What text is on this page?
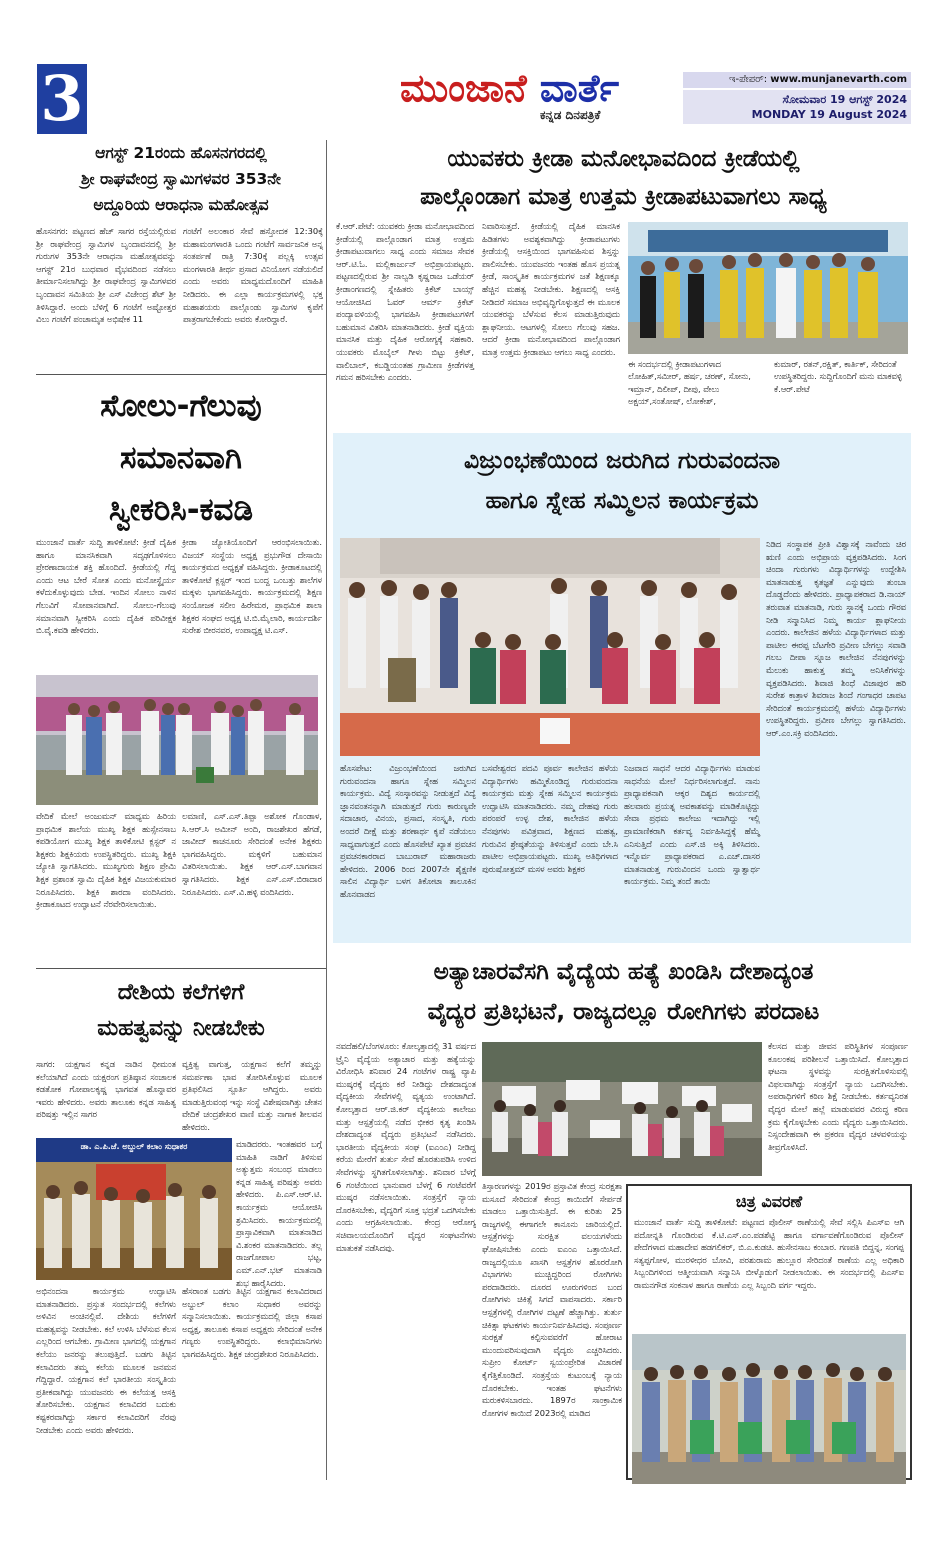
3	ಮುಂಜಾನೆ ವಾರ್ತೆ
ಕನ್ನಡ ದಿನಪತ್ರಿಕೆ
ಇ-ಪೇಪರ್: www.munjanevarth.com
ಸೋಮವಾರ 19 ಆಗಸ್ಟ್ 2024
MONDAY 19 August 2024
ಆಗಸ್ಟ್ 21ರಂದು ಹೊಸನಗರದಲ್ಲಿ
ಶ್ರೀ ರಾಘವೇಂದ್ರ ಸ್ವಾಮಿಗಳವರ 353ನೇ
ಅದ್ದೂರಿಯ ಆರಾಧನಾ ಮಹೋತ್ಸವ
ಹೊಸನಗರ: ಪಟ್ಟಣದ ಹೆಚ್ ಸಾಗರ ರಸ್ತೆಯಲ್ಲಿರುವ ಶ್ರೀ ರಾಘವೇಂದ್ರ ಸ್ವಾಮಿಗಳ ಬೃಂದಾವನದಲ್ಲಿ ಶ್ರೀ ಗುರುಗಳ 353ನೇ ಆರಾಧನಾ ಮಹೋತ್ಸವವನ್ನು ಆಗಸ್ಟ್ 21ರ ಬುಧವಾರ ವೈಭವದಿಂದ ನಡೆಸಲು ತೀರ್ಮಾನಿಸಲಾಗಿದ್ದು ಶ್ರೀ ರಾಘವೇಂದ್ರ ಸ್ವಾಮಿಗಳವರ ಬೃಂದಾವನ ಸಮಿತಿಯ ಶ್ರೀ ಎಸ್ ವಿಜೇಂದ್ರ ಶೆಟ್ ಶ್ರೀ ತಿಳಿಸಿದ್ದಾರೆ. ಅಂದು ಬೆಳಿಗ್ಗೆ 6 ಗಂಟೆಗೆ ಅಷ್ಟೋತ್ತರ ವಿಲು ಗಂಟೆಗೆ ಪಂಚಾಮೃತ ಅಭಿಷೇಕ 11
ಗಂಟೆಗೆ ಅಲಂಕಾರ ಸೇವೆ ಹಸ್ತೋದಕ 12:30ಕ್ಕೆ ಮಹಾಮಂಗಳಾರತಿ ಒಂದು ಗಂಟೆಗೆ ಸಾರ್ವಜನಿಕ ಅನ್ನ ಸಂತರ್ಪಣೆ ರಾತ್ರಿ 7:30ಕ್ಕೆ ಪಲ್ಲಕ್ಕಿ ಉತ್ಸವ ಮಂಗಳಾರತಿ ತೀರ್ಥ ಪ್ರಸಾದ ವಿನಿಯೋಗ ನಡೆಯಲಿದೆ ಎಂದು ಅವರು ಮಾಧ್ಯಮದೊಂದಿಗೆ ಮಾಹಿತಿ ನೀಡಿದರು. ಈ ಎಲ್ಲಾ ಕಾರ್ಯಕ್ರಮಗಳಲ್ಲಿ ಭಕ್ತ ಮಹಾಶಯರು ಪಾಲ್ಗೊಂಡು ಸ್ವಾಮಿಗಳ ಕೃಪೆಗೆ ಪಾತ್ರರಾಗಬೇಕೆಂದು ಅವರು ಕೋರಿದ್ದಾರೆ.
ಸೋಲು-ಗೆಲುವು
ಸಮಾನವಾಗಿ
ಸ್ವೀಕರಿಸಿ-ಕವಡಿ
ಮುಂಜಾನೆ ವಾರ್ತೆ ಸುದ್ದಿ ತಾಳಿಕೋಟೆ: ಕ್ರೀಡೆ ದೈಹಿಕ ಹಾಗೂ ಮಾನಸಿಕವಾಗಿ ಸದೃಢಗೊಳಿಸಲು ಪ್ರೇರಣಾದಾಯಕ ಶಕ್ತಿ ಹೊಂದಿದೆ. ಕ್ರೀಡೆಯಲ್ಲಿ ಗೆದ್ದ ಎಂದು ಆಟ ಬೇರೆ ಸೋತ ಎಂದು ಮನೋಸ್ಥೈರ್ಯ ಕಳೆದುಕೊಳ್ಳುವುದು ಬೇಡ. ಇಂದಿನ ಸೋಲು ನಾಳಿನ ಗೆಲುವಿಗೆ ಸೋಪಾನವಾಗಿದೆ. ಸೋಲು-ಗೆಲುವು ಸಮಾನವಾಗಿ ಸ್ವೀಕರಿಸಿ ಎಂದು ದೈಹಿಕ ಪರಿವೀಕ್ಷಕ ಬಿ.ವೈ.ಕವಡಿ ಹೇಳಿದರು.
ಕ್ರೀಡಾ ಜ್ಯೋತಿಯೊಂದಿಗೆ ಆರಂಭಿಸಲಾಯಿತು. ವಿಜಯ್ ಸಂಸ್ಥೆಯ ಅಧ್ಯಕ್ಷ ಪ್ರಭುಗೌಡ ದೇಸಾಯಿ ಕಾರ್ಯಕ್ರಮದ ಅಧ್ಯಕ್ಷತೆ ವಹಿಸಿದ್ದರು. ಕ್ರೀಡಾಕೂಟದಲ್ಲಿ ತಾಳಿಕೋಟೆ ಕ್ಲಸ್ಟರ್ ಇಂದ ಬಂದ್ದ ಒಂಬತ್ತು ಶಾಲೆಗಳ ಮಕ್ಕಳು ಭಾಗವಹಿಸಿದ್ದರು. ಕಾರ್ಯಕ್ರಮದಲ್ಲಿ ಶಿಕ್ಷಣ ಸಂಯೋಜಕ ಸಲೀಂ ಹಿರೇಮಠ, ಪ್ರಾಥಮಿಕ ಶಾಲಾ ಶಿಕ್ಷಕರ ಸಂಘದ ಅಧ್ಯಕ್ಷ ಟಿ.ಬಿ.ಮೈಲಾರಿ, ಕಾರ್ಯದರ್ಶಿ ಸುರೇಶ ಬೀರನವರ, ಉಪಾಧ್ಯಕ್ಷ ಟಿ.ಎಸ್.
ವೇದಿಕೆ ಮೇಲೆ ಅಂಜುಮನ್ ಮಾಧ್ಯಮ ಹಿರಿಯ ಪ್ರಾಥಮಿಕ ಶಾಲೆಯ ಮುಖ್ಯ ಶಿಕ್ಷಕ ಹುಸ್ಸೇನಸಾಬ ಕಪಡಿಯೋಗ ಮುಖ್ಯ ಶಿಕ್ಷಕ ತಾಳಿಕೋಟಿ ಕ್ಲಸ್ಟರ್ ನ ಶಿಕ್ಷಕರು ಶಿಕ್ಷಕಿಯರು ಉಪಸ್ಥಿತರಿದ್ದರು. ಮುಖ್ಯ ಶಿಕ್ಷಕಿ ಜ್ಯೋತಿ ಸ್ವಾಗತಿಸಿದರು. ಮುಖ್ಯಗುರು ಶಿಕ್ಷಣ ಪ್ರೇಮಿ ಶಿಕ್ಷಕ ಪ್ರಶಾಂತ ಸ್ವಾಮಿ ದೈಹಿಕ ಶಿಕ್ಷಕ ವಿಜಯಕುಮಾರ ನಿರೂಪಿಸಿದರು. ಶಿಕ್ಷಕಿ ಶಾರದಾ ವಂದಿಸಿದರು. ಕ್ರೀಡಾಕೂಟದ ಉದ್ಘಾಟನೆ ನೆರವೇರಿಸಲಾಯಿತು.
ಲಮಾಣಿ, ಎಸ್.ಎಸ್.ತಿಪ್ಪಾ ಅಶೋಕ ಗೊಂಡಾಳ, ಸಿ.ಆರ್.ಸಿ ಅಮೀನ್ ಅಂದಿ, ರಾಜಶೇಖರ ಹೆಗಡೆ, ಜಾವೀದ್ ಕಾಚನೂರು ಸೇರಿದಂತೆ ಅನೇಕ ಶಿಕ್ಷಕರು ಭಾಗವಹಿಸಿದ್ದರು. ಮಕ್ಕಳಿಗೆ ಬಹುಮಾನ ವಿತರಿಸಲಾಯಿತು. ಶಿಕ್ಷಕ ಆರ್.ಎಸ್.ಬಾಗವಾನ ಸ್ವಾಗತಿಸಿದರು. ಶಿಕ್ಷಕ ಎಸ್.ಎಸ್.ಬಿರಾದಾರ ನಿರೂಪಿಸಿದರು. ಎಸ್.ವಿ.ಹಳ್ಳಿ ವಂದಿಸಿದರು.
ದೇಶಿಯ ಕಲೆಗಳಿಗೆ
ಮಹತ್ವವನ್ನು ನೀಡಬೇಕು
ಸಾಗರ: ಯಕ್ಷಗಾನ ಕನ್ನಡ ನಾಡಿನ ಧೀಮಂತ ಕಲೆಯಾಗಿದೆ ಎಂದು ಯಕ್ಷರಂಗ ಪ್ರತಿಷ್ಠಾನ ಸಂಚಾಲಕ ಕಡತೋಕ ಗೋಪಾಲಕೃಷ್ಣ ಭಾಗವತ ಹೊನ್ನಾವರ ಇವರು ಹೇಳಿದರು. ಅವರು ತಾಲೂಕು ಕನ್ನಡ ಸಾಹಿತ್ಯ ಪರಿಷತ್ತು ಇಲ್ಲಿನ ಸಾಗರ
ವ್ಯಕ್ತಿತ್ವ ವಾಗುತ್ತ, ಯಕ್ಷಗಾನ ಕಲೆಗೆ ತಮ್ಮನ್ನು ಸಮರ್ಪಣಾ ಭಾವ ತೋರಿಸಿಕೊಳ್ಳುವ ಮೂಲಕ ಪ್ರತಿಫಲಿಸಿದ ಸ್ಪೂರ್ತಿ ಆಗಿದ್ದರು. ಅವರು ಮಾಡುತ್ತಿರುವಂಥ ಇನ್ನು ಸಂಸ್ಥೆ ವಿಶೇಷವಾಗಿತ್ತು ಚೇತನ ವೇದಿಕೆ ಚಂದ್ರಶೇಖರ ವಾಣಿ ಮತ್ತು ನಾಗಾಕ ಶೀಲವನ ಹೇಳಿದರು.
ಡಾ. ಎ.ಪಿ.ಜೆ. ಅಬ್ದುಲ್ ಕಲಾಂ ಸುಧಾಕರ	ಮಾಡಿದರರು. ಇಂತಹವರ ಬಗ್ಗೆ ಮಾಹಿತಿ ನಾಡಿಗೆ ತಿಳಿಸುವ ಅತ್ಯುತ್ತಮ ಸಂಬಂಧ ಮಾಡಲು ಕನ್ನಡ ಸಾಹಿತ್ಯ ಪರಿಷತ್ತು ಅವರು ಹೇಳಿದರು. ಪಿ.ಎಸ್.ಆರ್.ಟಿ. ಕಾರ್ಯಕ್ರಮ ಆಯೋಜಿಸಿ ಶ್ರಮಿಸಿದರು. ಕಾರ್ಯಕ್ರಮದಲ್ಲಿ ಪ್ರಾಸ್ತಾವಿಕವಾಗಿ ಮಾತನಾಡಿದ ವಿ.ಶಂಕರ ಮಾತನಾಡಿದರು. ತಲ್ಲ ರಾಜಗೋಪಾಲ ಭಟ್ಟ, ಎಮ್.ಎನ್.ಭಟ್ ಮಾತನಾಡಿ ಶುಭ ಹಾರೈಸಿದರು.
ಅಭಿನಂದನಾ ಕಾರ್ಯಕ್ರಮ ಉದ್ಘಾಟಿಸಿ ಮಾತನಾಡಿದರು. ಪ್ರಸ್ತುತ ಸಂದರ್ಭದಲ್ಲಿ ಕಲೆಗಳು ಅಳಿವಿನ ಅಂಚಿನಲ್ಲಿವೆ. ದೇಶಿಯ ಕಲೆಗಳಿಗೆ ಮಹತ್ವವನ್ನು ನೀಡಬೇಕು. ಕಲೆ ಉಳಿಸಿ ಬೆಳೆಸುವ ಕೆಲಸ ಎಲ್ಲರಿಂದ ಆಗಬೇಕು. ಗ್ರಾಮೀಣ ಭಾಗದಲ್ಲಿ ಯಕ್ಷಗಾನ ಕಲೆಯು ಜನರನ್ನು ತಲುಪುತ್ತಿದೆ. ಬಡಗು ತಿಟ್ಟಿನ ಕಲಾವಿದರು ತಮ್ಮ ಕಲೆಯ ಮೂಲಕ ಜನಮನ ಗೆದ್ದಿದ್ದಾರೆ. ಯಕ್ಷಗಾನ ಕಲೆ ಭಾರತೀಯ ಸಂಸ್ಕೃತಿಯ ಪ್ರತೀಕವಾಗಿದ್ದು ಯುವಜನರು ಈ ಕಲೆಯತ್ತ ಆಸಕ್ತಿ ತೋರಿಸಬೇಕು. ಯಕ್ಷಗಾನ ಕಲಾವಿದರ ಬದುಕು ಕಷ್ಟಕರವಾಗಿದ್ದು ಸರ್ಕಾರ ಕಲಾವಿದರಿಗೆ ನೆರವು ನೀಡಬೇಕು ಎಂದು ಅವರು ಹೇಳಿದರು.
ಹೆಸರಾಂತ ಬಡಗು ತಿಟ್ಟಿನ ಯಕ್ಷಗಾನ ಕಲಾವಿದರಾದ ಅಬ್ದುಲ್ ಕಲಾಂ ಸುಧಾಕರ ಅವರನ್ನು ಸನ್ಮಾನಿಸಲಾಯಿತು. ಕಾರ್ಯಕ್ರಮದಲ್ಲಿ ಜಿಲ್ಲಾ ಕಸಾಪ ಅಧ್ಯಕ್ಷ, ತಾಲೂಕು ಕಸಾಪ ಅಧ್ಯಕ್ಷರು ಸೇರಿದಂತೆ ಅನೇಕ ಗಣ್ಯರು ಉಪಸ್ಥಿತರಿದ್ದರು. ಕಲಾಭಿಮಾನಿಗಳು ಭಾಗವಹಿಸಿದ್ದರು. ಶಿಕ್ಷಕ ಚಂದ್ರಶೇಖರ ನಿರೂಪಿಸಿದರು.
ಯುವಕರು ಕ್ರೀಡಾ ಮನೋಭಾವದಿಂದ ಕ್ರೀಡೆಯಲ್ಲಿ
ಪಾಲ್ಗೊಂಡಾಗ ಮಾತ್ರ ಉತ್ತಮ ಕ್ರೀಡಾಪಟುವಾಗಲು ಸಾಧ್ಯ
ಕೆ.ಆರ್.ಪೇಟೆ: ಯುವಕರು ಕ್ರೀಡಾ ಮನೋಭಾವದಿಂದ ಕ್ರೀಡೆಯಲ್ಲಿ ಪಾಲ್ಗೊಂಡಾಗ ಮಾತ್ರ ಉತ್ತಮ ಕ್ರೀಡಾಪಟುವಾಗಲು ಸಾಧ್ಯ ಎಂದು ಸಮಾಜ ಸೇವಕ ಆರ್.ಟಿ.ಓ. ಮಲ್ಲಿಕಾರ್ಜುನ್ ಅಭಿಪ್ರಾಯಪಟ್ಟರು. ಪಟ್ಟಣದಲ್ಲಿರುವ ಶ್ರೀ ನಾಲ್ವಡಿ ಕೃಷ್ಣರಾಜ ಒಡೆಯರ್ ಕ್ರೀಡಾಂಗಣದಲ್ಲಿ ಸ್ನೇಹಿತರು ಕ್ರಿಕೆಟ್ ಬಾಯ್ಸ್ ಆಯೋಜಿಸಿದ ಓವರ್ ಆರ್ಮ್ ಕ್ರಿಕೆಟ್ ಪಂದ್ಯಾವಳಿಯಲ್ಲಿ ಭಾಗವಹಿಸಿ ಕ್ರೀಡಾಪಟುಗಳಿಗೆ ಬಹುಮಾನ ವಿತರಿಸಿ ಮಾತನಾಡಿದರು. ಕ್ರೀಡೆ ವ್ಯಕ್ತಿಯ ಮಾನಸಿಕ ಮತ್ತು ದೈಹಿಕ ಆರೋಗ್ಯಕ್ಕೆ ಸಹಕಾರಿ. ಯುವಕರು ಮೊಬೈಲ್ ಗೀಳು ಬಿಟ್ಟು ಕ್ರಿಕೆಟ್, ವಾಲಿಬಾಲ್, ಕಬಡ್ಡಿಯಂತಹ ಗ್ರಾಮೀಣ ಕ್ರೀಡೆಗಳತ್ತ ಗಮನ ಹರಿಸಬೇಕು ಎಂದರು.
ನಿವಾರಿಸುತ್ತದೆ. ಕ್ರೀಡೆಯಲ್ಲಿ ದೈಹಿಕ ಮಾನಸಿಕ ಹಿಡಿತಗಳು ಅವಶ್ಯಕವಾಗಿದ್ದು ಕ್ರೀಡಾಪಟುಗಳು ಕ್ರೀಡೆಯಲ್ಲಿ ಆಸಕ್ತಿಯಿಂದ ಭಾಗವಹಿಸುವ ಶಿಸ್ತನ್ನು ಪಾಲಿಸಬೇಕು. ಯುವಜನರು ಇಂತಹ ಹೊಸ ಪ್ರಯತ್ನ ಕ್ರೀಡೆ, ಸಾಂಸ್ಕೃತಿಕ ಕಾರ್ಯಕ್ರಮಗಳ ಜತೆ ಶಿಕ್ಷಣಕ್ಕೂ ಹೆಚ್ಚಿನ ಮಹತ್ವ ನೀಡಬೇಕು. ಶಿಕ್ಷಣದಲ್ಲಿ ಆಸಕ್ತಿ ನೀಡಿದರೆ ಸಮಾಜ ಅಭಿವೃದ್ಧಿಗೊಳ್ಳುತ್ತದೆ ಈ ಮೂಲಕ ಯುವಕರನ್ನು ಬೆಳೆಸುವ ಕೆಲಸ ಮಾಡುತ್ತಿರುವುದು ಶ್ಲಾಘನೀಯ. ಆಟಗಳಲ್ಲಿ ಸೋಲು ಗೆಲುವು ಸಹಜ. ಆದರೆ ಕ್ರೀಡಾ ಮನೋಭಾವದಿಂದ ಪಾಲ್ಗೊಂಡಾಗ ಮಾತ್ರ ಉತ್ತಮ ಕ್ರೀಡಾಪಟು ಆಗಲು ಸಾಧ್ಯ ಎಂದರು.
ಈ ಸಂದರ್ಭದಲ್ಲಿ ಕ್ರೀಡಾಪಟುಗಳಾದ ಲೋಹಿತ್,ಸಮೀರ್, ಹರ್ಷ, ಚರಣ್, ಸೋನು, ಇಮ್ರಾನ್, ದಿಲೀಪ್, ದೀಪು, ವೇಲು ಅಕ್ಷಯ್,ಸಂತೋಷ್, ಲೋಕೇಶ್,
ಕುಮಾರ್, ರತನ್,ರಕ್ಷಿತ್, ಕಾರ್ತಿಕ್, ಸೇರಿದಂತೆ ಉಪಸ್ಥಿತರಿದ್ದರು. ಸುದ್ದಿಗೊಂದಿಗೆ ಮನು ಮಾಕವಳ್ಳಿ ಕೆ.ಆರ್.ಪೇಟೆ
ವಿಜ್ರುಂಭಣೆಯಿಂದ ಜರುಗಿದ ಗುರುವಂದನಾ
ಹಾಗೂ ಸ್ನೇಹ ಸಮ್ಮಿಲನ ಕಾರ್ಯಕ್ರಮ
ನಿಡಿದ ಸಂಸ್ಥಾಪಕ ಪ್ರೀತಿ ವಿಶ್ವಾಸಕ್ಕೆ ನಾವೆಂದು ಚಿರ ಋಣಿ ಎಂದು ಅಭಿಪ್ರಾಯ ವ್ಯಕ್ತಪಡಿಸಿದರು. ಸಿಂಗ ಚಿಂದಾ ಗುರುಗಳು ವಿದ್ಯಾರ್ಥಿಗಳನ್ನು ಉದ್ದೇಶಿಸಿ ಮಾತನಾಡುತ್ತ ಕೃತಜ್ಞತೆ ಎನ್ನುವುದು ತುಂಬಾ ದೊಡ್ಡದೆಂದು ಹೇಳಿದರು. ಪ್ರಾಧ್ಯಾಪಕರಾದ ಡಿ.ನಾಯ್ ತರುವಾತ ಮಾತನಾಡಿ, ಗುರು ಸ್ಥಾನಕ್ಕೆ ಒಂದು ಗೌರವ ನೀಡಿ ಸನ್ಮಾನಿಸಿದ ನಿಮ್ಮ ಕಾರ್ಯ ಶ್ಲಾಘನೀಯ ಎಂದರು. ಕಾಲೇಜಿನ ಹಳೆಯ ವಿದ್ಯಾರ್ಥಿಗಳಾದ ಮತ್ತು ಪಾಟೀಲ ಈರಪ್ಪ ಬೆಟಗೇರಿ ಪ್ರವೀಣ ಬೇಗಲ್ಲು ಸವಾಡಿ ಗಲಬ ದೀಪಾ ಸ್ನೂಜ ಕಾಲೇಜಿನ ನೆನಪುಗಳನ್ನು ಮೆಲುಕು ಹಾಕುತ್ತ ತಮ್ಮ ಅನಿಸಿಕೆಗಳನ್ನು ವ್ಯಕ್ತಪಡಿಸಿದರು. ಶಿವಾಜಿ ಶಿಂಧೆ ವಿಜಾಪುರ ಹರಿ ಸುರೇಶ ಕಾತ್ರಾಳ ಶಿವರಾಜ ಶಿಂದೆ ಗಂಗಾಧರ ಚಾಪಟ ಸೇರಿದಂತೆ ಕಾರ್ಯಕ್ರಮದಲ್ಲಿ ಹಳೆಯ ವಿದ್ಯಾರ್ಥಿಗಳು ಉಪಸ್ಥಿತರಿದ್ದರು. ಪ್ರವೀಣ ಬೇಗಲ್ಲು ಸ್ವಾಗತಿಸಿದರು. ಆರ್.ಎಂ.ಸಕ್ರಿ ವಂದಿಸಿದರು.
ಹೊಸಪೇಟ: ವಿಜ್ರುಂಭಣೆಯಿಂದ ಜರುಗಿದ ಗುರುವಂದನಾ ಹಾಗೂ ಸ್ನೇಹ ಸಮ್ಮಿಲನ ಕಾರ್ಯಕ್ರಮ. ವಿದ್ಯೆ ಸಂಸ್ಕಾರವನ್ನು ನೀಡುತ್ತದೆ ವಿದ್ಯೆ ಜ್ಞಾನವಂತನನ್ನಾಗಿ ಮಾಡುತ್ತದೆ ಗುರು ಕಾರುಣ್ಯವೇ ಸದಾಚಾರ, ವಿನಯ, ಪ್ರಸಾದ, ಸಂಸ್ಕೃತಿ, ಗುರು ಅಂದರೆ ದೀಕ್ಷೆ ಮತ್ತು ಶರಣಾರ್ಥ ಕೃಪೆ ನಡೆಯಲು ಸಾಧ್ಯವಾಗುತ್ತದೆ ಎಂದು ಹೊಸಪೇಟೆ ಖ್ಯಾತ ಪ್ರವಚನ ಪ್ರವಚನಕಾರರಾದ ಬಾಬುರಾವ್ ಮಹಾರಾಜರು ಹೇಳಿದರು. 2006 ರಿಂದ 2007ನೇ ಶೈಕ್ಷಣಿಕ ಸಾಲಿನ ವಿದ್ಯಾರ್ಥಿ ಬಳಗ ತಿಕೋಟಾ ತಾಲೂಕಿನ ಹೊನವಾಡದ
ಬಸವೇಶ್ವರದ ಪದವಿ ಪೂರ್ವ ಕಾಲೇಜಿನ ಹಳೆಯ ವಿದ್ಯಾರ್ಥಿಗಳು ಹಮ್ಮಿಕೊಂಡಿದ್ದ ಗುರುವಂದನಾ ಕಾರ್ಯಕ್ರಮ ಮತ್ತು ಸ್ನೇಹ ಸಮ್ಮಿಲನ ಕಾರ್ಯಕ್ರಮ ಉದ್ಘಾಟಿಸಿ ಮಾತನಾಡಿದರು. ನಮ್ಮ ದೇಹವು ಗುರು ಪರಂಪರೆ ಉಳ್ಳ ದೇಶ, ಕಾಲೇಜಿನ ಹಳೆಯ ನೆನಪುಗಳು ಪವಿತ್ರವಾದ, ಶಿಕ್ಷಣದ ಮಹತ್ವ, ಗುರುವಿನ ಶ್ರೇಷ್ಠತೆಯನ್ನು ತಿಳಿಸುತ್ತವೆ ಎಂದು ಬೇ.ಸಿ ಪಾಟೀಲ ಅಭಿಪ್ರಾಯಪಟ್ಟರು. ಮುಖ್ಯ ಅತಿಥಿಗಳಾದ ಪುರುಷೋತ್ತಮ್ ಮಸಳ ಅವರು ಶಿಕ್ಷಕರ
ನಿಜವಾದ ಸಾಧನೆ ಆದರ ವಿದ್ಯಾರ್ಥಿಗಳು ಮಾಡುವ ಸಾಧನೆಯ ಮೇಲೆ ನಿರ್ಧರಿಸಲಾಗುತ್ತದೆ. ನಾನು ಪ್ರಾಧ್ಯಾಪಕನಾಗಿ ಆಕ್ಕರ ದಿಶ್ಯದ ಕಾರ್ಯದಲ್ಲಿ ಹಲವಾರು ಪ್ರಯತ್ನ ಅವಕಾಶವನ್ನು ಮಾಡಿಕೊಟ್ಟಿದ್ದು ಸೇವಾ ಪ್ರಥಮ ಕಾಲೇಜು ಇದಾಗಿದ್ದು ಇಲ್ಲಿ ಪ್ರಾಮಾಣಿಕರಾಗಿ ಕರ್ತವ್ಯ ನಿರ್ವಹಿಸಿದ್ದಕ್ಕೆ ಹೆಮ್ಮೆ ಎನಿಸುತ್ತಿದೆ ಎಂದು ಎಸ್.ಜಿ ಅಕ್ಕಿ ತಿಳಿಸಿದರು. ಇನ್ನೊರ್ವ ಪ್ರಾಧ್ಯಾಪಕರಾದ ಎ.ಎಚ್.ದಾಸರ ಮಾತನಾಡುತ್ತ ಗುರುವಿಂದನ ಒಂದು ಸ್ವಾತ್ವಾರ್ಥ ಕಾರ್ಯಕ್ರಮ. ನಿಮ್ಮ ತಂದೆ ತಾಯಿ
ಅತ್ಯಾಚಾರವೆಸಗಿ ವೈದ್ಯೆಯ ಹತ್ಯೆ ಖಂಡಿಸಿ ದೇಶಾದ್ಯಂತ
ವೈದ್ಯರ ಪ್ರತಿಭಟನೆ, ರಾಜ್ಯದಲ್ಲೂ ರೋಗಿಗಳು ಪರದಾಟ
ನವದೆಹಲಿ/ಬೆಂಗಳೂರು: ಕೋಲ್ಕತ್ತಾದಲ್ಲಿ 31 ವರ್ಷದ ಟ್ರೈನಿ ವೈದ್ಯೆಯ ಅತ್ಯಾಚಾರ ಮತ್ತು ಹತ್ಯೆಯನ್ನು ವಿರೋಧಿಸಿ ಶನಿವಾರ 24 ಗಂಟೆಗಳ ರಾಷ್ಟ್ರ ವ್ಯಾಪಿ ಮುಷ್ಕರಕ್ಕೆ ವೈದ್ಯರು ಕರೆ ನೀಡಿದ್ದು ದೇಶದಾದ್ಯಂತ ವೈದ್ಯಕೀಯ ಸೇವೆಗಳಲ್ಲಿ ವ್ಯತ್ಯಯ ಉಂಟಾಗಿದೆ. ಕೋಲ್ಕತ್ತಾದ ಆರ್.ಜಿ.ಕರ್ ವೈದ್ಯಕೀಯ ಕಾಲೇಜು ಮತ್ತು ಆಸ್ಪತ್ರೆಯಲ್ಲಿ ನಡೆದ ಭೀಕರ ಕೃತ್ಯ ಖಂಡಿಸಿ ದೇಶದಾದ್ಯಂತ ವೈದ್ಯರು ಪ್ರತಿಭಟನೆ ನಡೆಸಿದರು. ಭಾರತೀಯ ವೈದ್ಯಕೀಯ ಸಂಘ (ಐಎಂಎ) ನೀಡಿದ್ದ ಕರೆಯ ಮೇರೆಗೆ ತುರ್ತು ಸೇವೆ ಹೊರತುಪಡಿಸಿ ಉಳಿದ ಸೇವೆಗಳನ್ನು ಸ್ಥಗಿತಗೊಳಿಸಲಾಗಿತ್ತು. ಶನಿವಾರ ಬೆಳಗ್ಗೆ 6 ಗಂಟೆಯಿಂದ ಭಾನುವಾರ ಬೆಳಗ್ಗೆ 6 ಗಂಟೆವರೆಗೆ ಮುಷ್ಕರ ನಡೆಸಲಾಯಿತು. ಸಂತ್ರಸ್ತೆಗೆ ನ್ಯಾಯ ದೊರಕಿಸಬೇಕು, ವೈದ್ಯರಿಗೆ ಸೂಕ್ತ ಭದ್ರತೆ ಒದಗಿಸಬೇಕು ಎಂದು ಆಗ್ರಹಿಸಲಾಯಿತು. ಕೇಂದ್ರ ಆರೋಗ್ಯ ಸಚಿವಾಲಯದೊಂದಿಗೆ ವೈದ್ಯರ ಸಂಘಟನೆಗಳು ಮಾತುಕತೆ ನಡೆಸಿದವು.
ಕೆಲಸದ ಮತ್ತು ಜೀವನ ಪರಿಸ್ಥಿತಿಗಳ ಸಂಪೂರ್ಣ ಕೂಲಂಕಷ ಪರಿಶೀಲನೆ ಒತ್ತಾಯಿಸಿದೆ. ಕೋಲ್ಕತ್ತಾದ ಘಟನಾ ಸ್ಥಳವನ್ನು ಸುರಕ್ಷಿತಗೊಳಿಸುವಲ್ಲಿ ವಿಫಲವಾಗಿದ್ದು ಸಂತ್ರಸ್ತೆಗೆ ನ್ಯಾಯ ಒದಗಿಸಬೇಕು. ಅಪರಾಧಿಗಳಿಗೆ ಕಠಿಣ ಶಿಕ್ಷೆ ನೀಡಬೇಕು. ಕರ್ತವ್ಯನಿರತ ವೈದ್ಯರ ಮೇಲೆ ಹಲ್ಲೆ ಮಾಡುವವರ ವಿರುದ್ಧ ಕಠಿಣ ಕ್ರಮ ಕೈಗೊಳ್ಳಬೇಕು ಎಂದು ವೈದ್ಯರು ಒತ್ತಾಯಿಸಿದರು. ನಿಸ್ಸಂದೇಹವಾಗಿ ಈ ಪ್ರಕರಣ ವೈದ್ಯರ ಚಳವಳಿಯನ್ನು ತೀವ್ರಗೊಳಿಸಿದೆ.
ತಿಸ್ತಾರಣಗಳನ್ನು 2019ರ ಪ್ರಸ್ತಾವಿತ ಕೇಂದ್ರ ಸುರಕ್ಷತಾ ಮಸೂದೆ ಸೇರಿದಂತೆ ಕೇಂದ್ರ ಕಾಯಿದೆಗೆ ಸೇರ್ಪಡೆ ಮಾಡಲು ಒತ್ತಾಯಿಸುತ್ತಿದೆ. ಈ ಕುರಿತು 25 ರಾಜ್ಯಗಳಲ್ಲಿ ಈಗಾಗಲೇ ಕಾನೂನು ಜಾರಿಯಲ್ಲಿದೆ. ಆಸ್ಪತ್ರೆಗಳನ್ನು ಸುರಕ್ಷಿತ ವಲಯಗಳೆಂದು ಘೋಷಿಸಬೇಕು ಎಂದು ಐಎಂಎ ಒತ್ತಾಯಿಸಿದೆ. ರಾಜ್ಯದಲ್ಲಿಯೂ ಖಾಸಗಿ ಆಸ್ಪತ್ರೆಗಳ ಹೊರರೋಗಿ ವಿಭಾಗಗಳು ಮುಚ್ಚಿದ್ದರಿಂದ ರೋಗಿಗಳು ಪರದಾಡಿದರು. ದೂರದ ಊರುಗಳಿಂದ ಬಂದ ರೋಗಿಗಳು ಚಿಕಿತ್ಸೆ ಸಿಗದೆ ವಾಪಸಾದರು. ಸರ್ಕಾರಿ ಆಸ್ಪತ್ರೆಗಳಲ್ಲಿ ರೋಗಿಗಳ ದಟ್ಟಣೆ ಹೆಚ್ಚಾಗಿತ್ತು. ತುರ್ತು ಚಿಕಿತ್ಸಾ ಘಟಕಗಳು ಕಾರ್ಯನಿರ್ವಹಿಸಿದವು. ಸಂಪೂರ್ಣ ಸುರಕ್ಷತೆ ಕಲ್ಪಿಸುವವರೆಗೆ ಹೋರಾಟ ಮುಂದುವರಿಸುವುದಾಗಿ ವೈದ್ಯರು ಎಚ್ಚರಿಸಿದರು. ಸುಪ್ರೀಂ ಕೋರ್ಟ್ ಸ್ವಯಂಪ್ರೇರಿತ ವಿಚಾರಣೆ ಕೈಗೆತ್ತಿಕೊಂಡಿದೆ. ಸಂತ್ರಸ್ತೆಯ ಕುಟುಂಬಕ್ಕೆ ನ್ಯಾಯ ದೊರಕಬೇಕು. ಇಂತಹ ಘಟನೆಗಳು ಮರುಕಳಿಸಬಾರದು. 1897ರ ಸಾಂಕ್ರಾಮಿಕ ರೋಗಗಳ ಕಾಯಿದೆ 2023ರಲ್ಲಿ ಮಾಡಿದ
ಚಿತ್ರ ವಿವರಣೆ
ಮುಂಜಾನೆ ವಾರ್ತೆ ಸುದ್ದಿ ತಾಳಿಕೋಟೆ: ಪಟ್ಟಣದ ಪೊಲೀಸ್ ಠಾಣೆಯಲ್ಲಿ ಸೇವೆ ಸಲ್ಲಿಸಿ ಪಿಎಸ್ಐ ಆಗಿ ಪದೋನ್ನತಿ ಗೊಂಡಿರುವ ಕೆ.ಟಿ.ಎಸ್.ಎಂ.ಪಡಶೆಟ್ಟಿ ಹಾಗೂ ವರ್ಗಾವಣೆಗೊಂಡಿರುವ ಪೊಲೀಸ್ ಪೇದೆಗಳಾದ ಮಹಾದೇವ ಹಡಗಲಿಕರ್, ಬಿ.ಎ.ಕುಡಚಿ. ಹುಸೇನಸಾಬ ಕಂಬಾರ. ಗಣಪತಿ ಬಿದ್ದನ್ನ, ಸಂಗಪ್ಪ ಸತ್ಯಪ್ಪಗೋಳ, ಮುರಳೀಧರ ಬೋವಿ, ಪರಶುರಾಮ ಹುಲ್ಲೂರ ಸೇರಿದಂತೆ ಠಾಣೆಯ ಎಲ್ಲ ಅಧಿಕಾರಿ ಸಿಬ್ಬಂದಿಗಳಿಂದ ಆತ್ಮೀಯವಾಗಿ ಸನ್ಮಾನಿಸಿ ಬೀಳ್ಕೊಡುಗೆ ನೀಡಲಾಯಿತು. ಈ ಸಂದರ್ಭದಲ್ಲಿ ಪಿಎಸ್ಐ ರಾಮನಗೌಡ ಸಂಕನಾಳ ಹಾಗೂ ಠಾಣೆಯ ಎಲ್ಲ ಸಿಬ್ಬಂದಿ ವರ್ಗ ಇದ್ದರು.
